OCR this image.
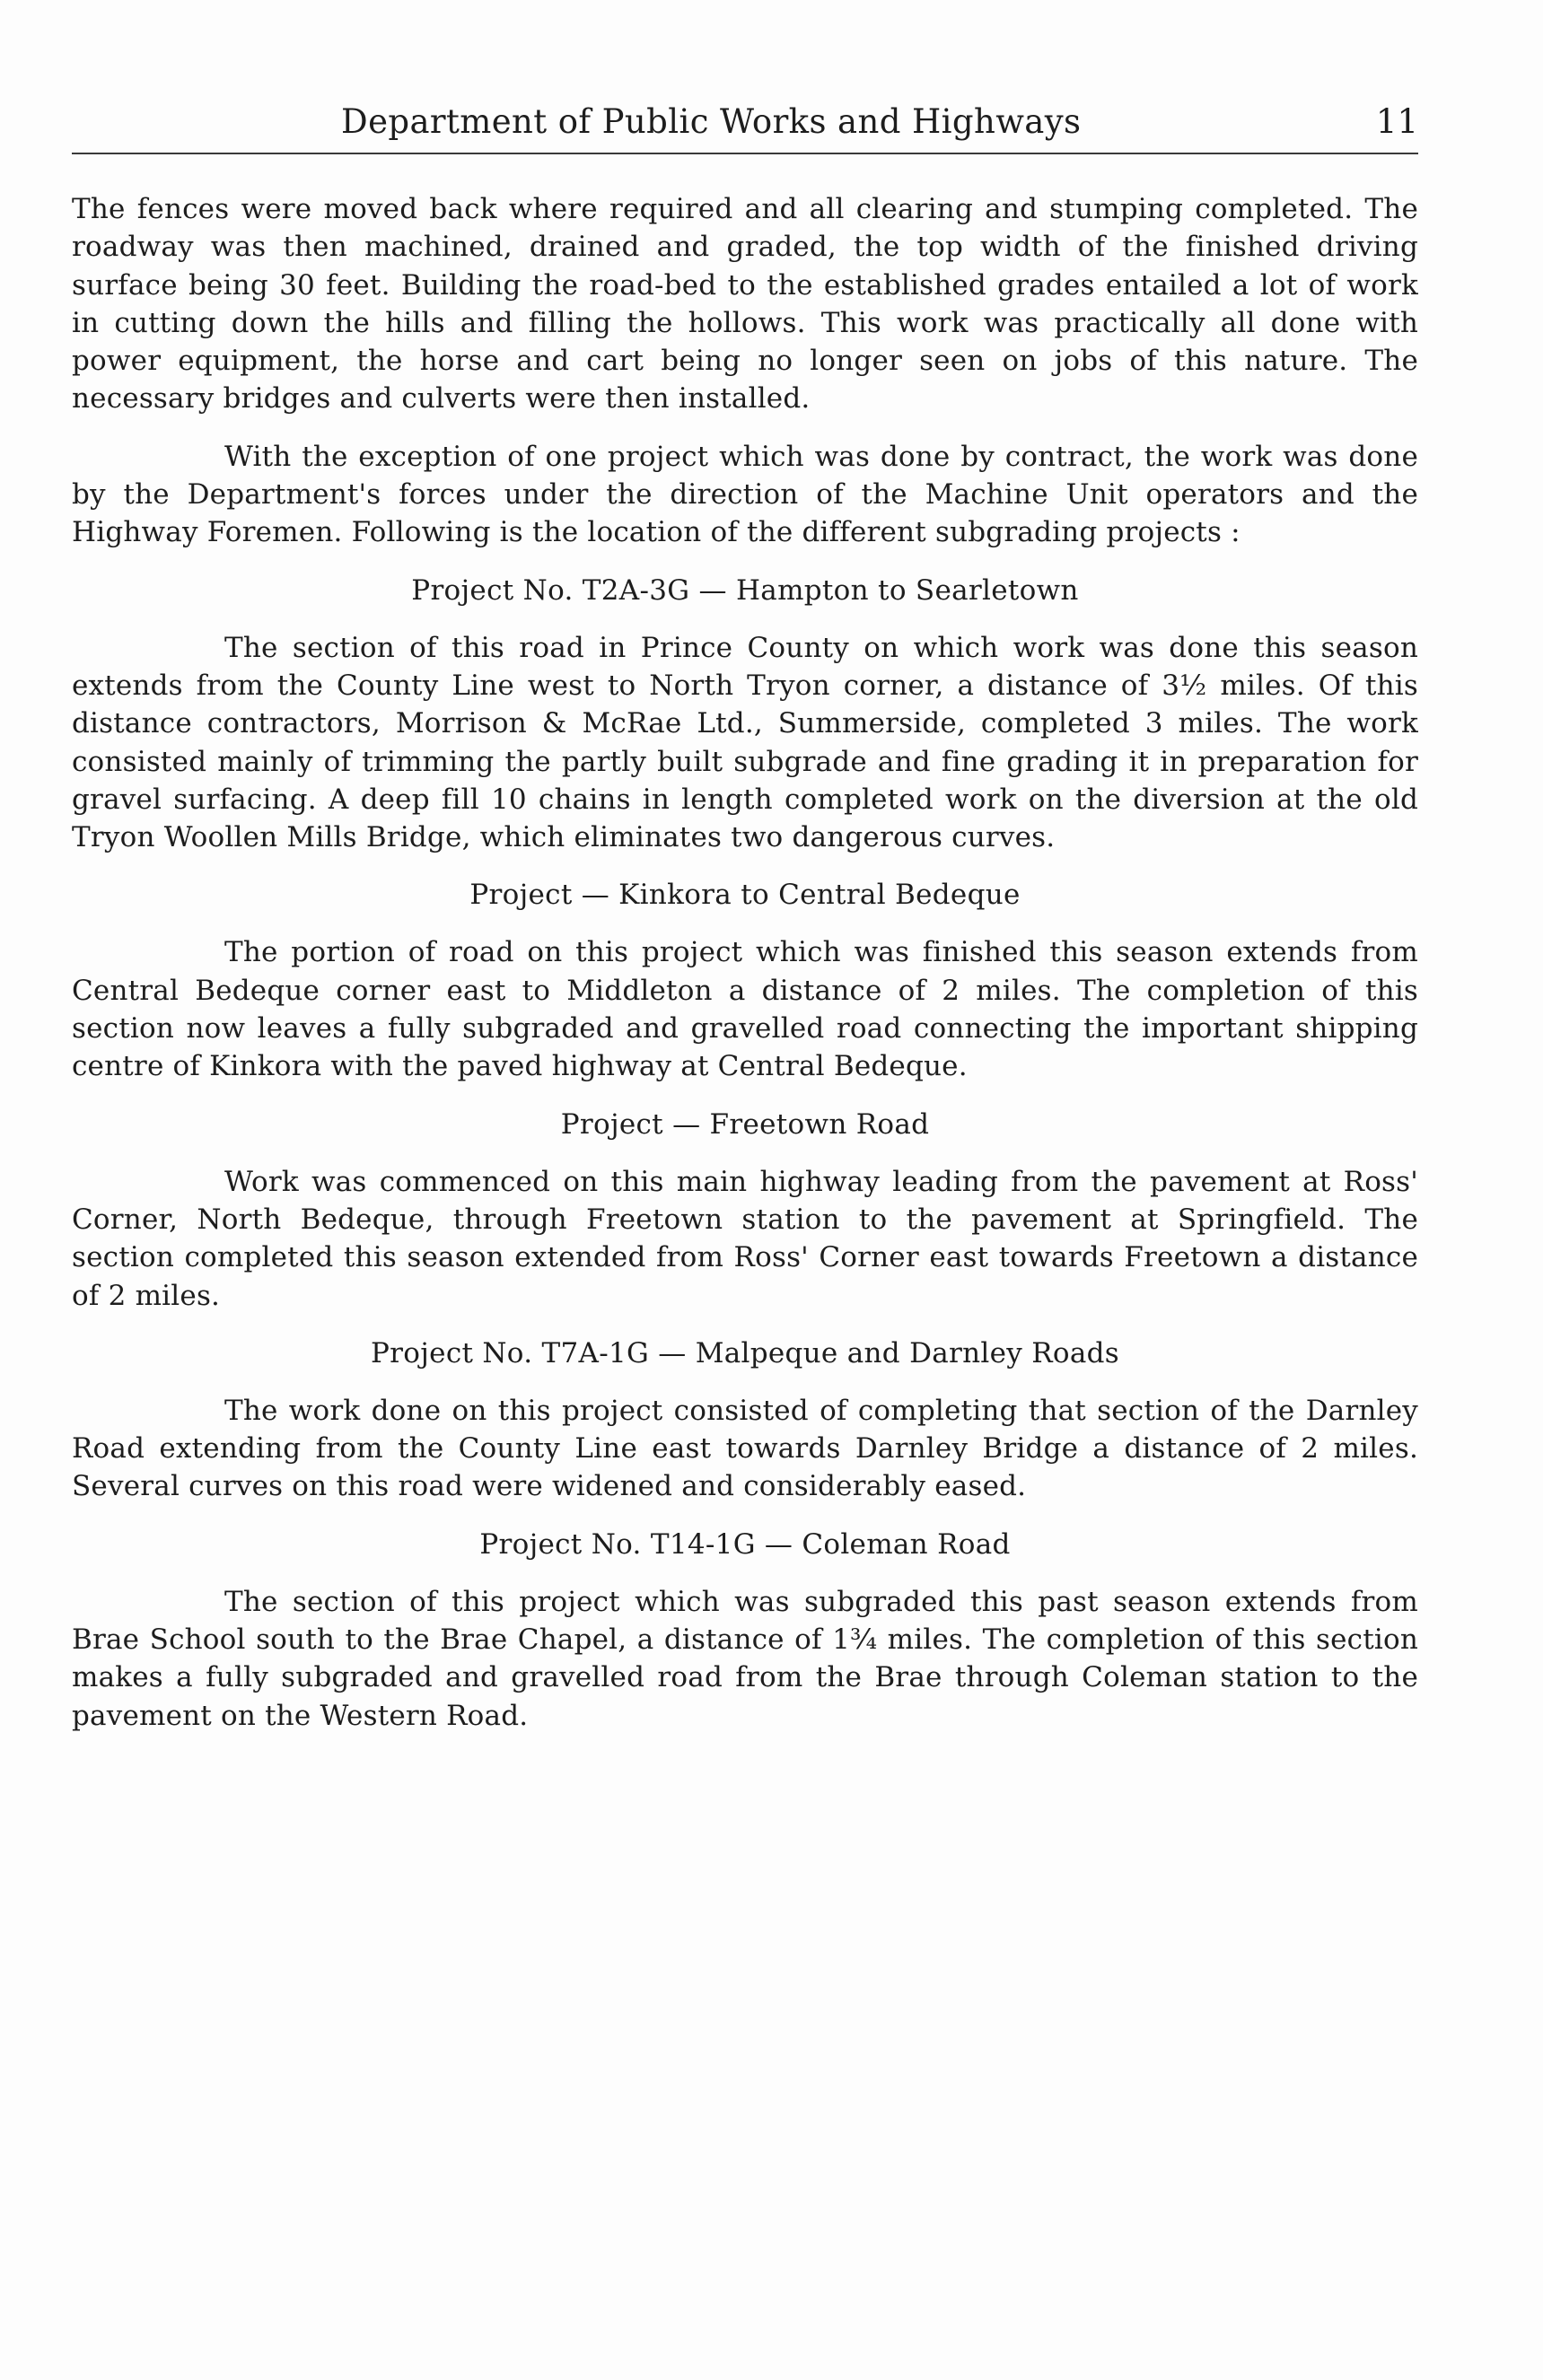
Department of Public Works and Highways	11

The fences were moved back where required and all clearing and stumping completed. The roadway was then machined, drained and graded, the top width of the finished driving surface being 30 feet. Building the road-bed to the established grades entailed a lot of work in cutting down the hills and filling the hollows. This work was practically all done with power equipment, the horse and cart being no longer seen on jobs of this nature. The necessary bridges and culverts were then installed.

With the exception of one project which was done by contract, the work was done by the Department's forces under the direction of the Machine Unit operators and the Highway Foremen. Following is the location of the different subgrading projects :

Project No. T2A-3G — Hampton to Searletown

The section of this road in Prince County on which work was done this season extends from the County Line west to North Tryon corner, a distance of 3½ miles. Of this distance contractors, Morrison & McRae Ltd., Summerside, completed 3 miles. The work consisted mainly of trimming the partly built subgrade and fine grading it in preparation for gravel surfacing. A deep fill 10 chains in length completed work on the diversion at the old Tryon Woollen Mills Bridge, which eliminates two dangerous curves.

Project — Kinkora to Central Bedeque

The portion of road on this project which was finished this season extends from Central Bedeque corner east to Middleton a distance of 2 miles. The completion of this section now leaves a fully subgraded and gravelled road connecting the important shipping centre of Kinkora with the paved highway at Central Bedeque.

Project — Freetown Road

Work was commenced on this main highway leading from the pavement at Ross' Corner, North Bedeque, through Freetown station to the pavement at Springfield. The section completed this season extended from Ross' Corner east towards Freetown a distance of 2 miles.

Project No. T7A-1G — Malpeque and Darnley Roads

The work done on this project consisted of completing that section of the Darnley Road extending from the County Line east towards Darnley Bridge a distance of 2 miles. Several curves on this road were widened and considerably eased.

Project No. T14-1G — Coleman Road

The section of this project which was subgraded this past season extends from Brae School south to the Brae Chapel, a distance of 1¾ miles. The completion of this section makes a fully subgraded and gravelled road from the Brae through Coleman station to the pavement on the Western Road.
